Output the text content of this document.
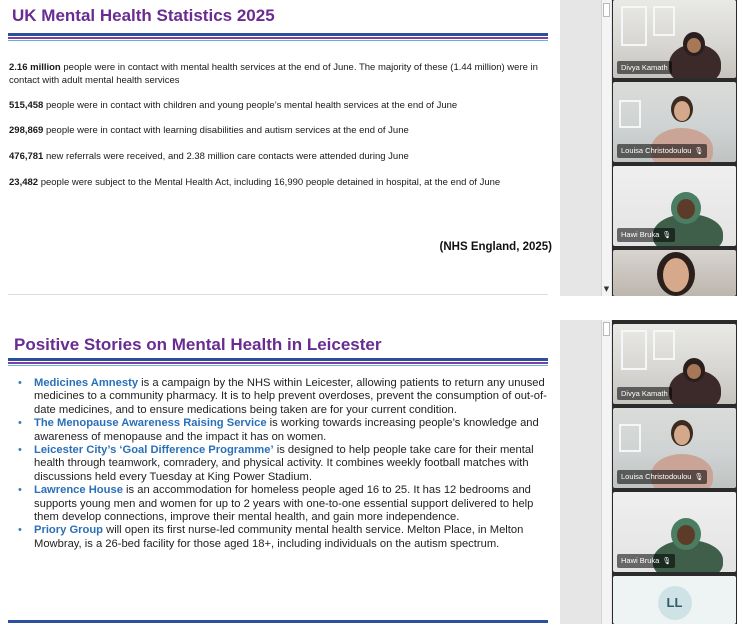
UK Mental Health Statistics 2025
2.16 million people were in contact with mental health services at the end of June. The majority of these (1.44 million) were in contact with adult mental health services
515,458 people were in contact with children and young people’s mental health services at the end of June
298,869 people were in contact with learning disabilities and autism services at the end of June
476,781 new referrals were received, and 2.38 million care contacts were attended during June
23,482 people were subject to the Mental Health Act, including 16,990 people detained in hospital, at the end of June
(NHS England, 2025)
▼
Divya Kamath
Louisa Christodoulou 🎙
Hawi Bruka 🎙
Positive Stories on Mental Health in Leicester
• Medicines Amnesty is a campaign by the NHS within Leicester, allowing patients to return any unused medicines to a community pharmacy. It is to help prevent overdoses, prevent the consumption of out-of-date medicines, and to ensure medications being taken are for your current condition.
• The Menopause Awareness Raising Service is working towards increasing people’s knowledge and awareness of menopause and the impact it has on women.
• Leicester City’s ‘Goal Difference Programme’ is designed to help people take care for their mental health through teamwork, comradery, and physical activity. It combines weekly football matches with discussions held every Tuesday at King Power Stadium.
• Lawrence House is an accommodation for homeless people aged 16 to 25. It has 12 bedrooms and supports young men and women for up to 2 years with one-to-one essential support delivered to help them develop connections, improve their mental health, and gain more independence.
• Priory Group will open its first nurse-led community mental health service. Melton Place, in Melton Mowbray, is a 26-bed facility for those aged 18+, including individuals on the autism spectrum.
Divya Kamath
Louisa Christodoulou 🎙
Hawi Bruka 🎙
LL
